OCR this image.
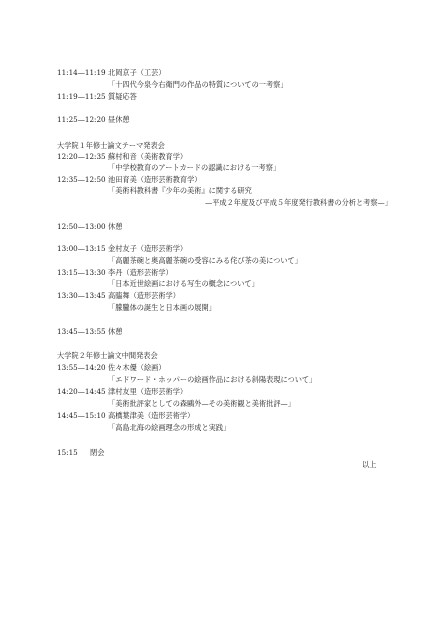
11:14—11:19 北岡京子（工芸）
「十四代今泉今右衛門の作品の特質についての一考察」
11:19—11:25 質疑応答
11:25—12:20 昼休憩
大学院１年修士論文テーマ発表会
12:20—12:35 蘇村和音（美術教育学）
「中学校教育のアートカードの認識における一考察」
12:35—12:50 池田育美（造形芸術教育学）
「美術科教科書『少年の美術』に関する研究
—平成２年度及び平成５年度発行教科書の分析と考察—」
12:50—13:00 休憩
13:00—13:15 金村友子（造形芸術学）
「高麗茶碗と奥高麗茶碗の受容にみる侘び茶の美について」
13:15—13:30 李丹（造形芸術学）
「日本近世絵画における写生の概念について」
13:30—13:45 高臨舞（造形芸術学）
「朦朧体の誕生と日本画の展開」
13:45—13:55 休憩
大学院２年修士論文中間発表会
13:55—14:20 佐々木優（絵画）
「エドワード・ホッパーの絵画作品における斜陽表現について」
14:20—14:45 津村友里（造形芸術学）
「美術批評家としての森鷗外—その美術観と美術批評—」
14:45—15:10 高橋葉津美（造形芸術学）
「高島北海の絵画理念の形成と実践」
15:15 閉会
以上
